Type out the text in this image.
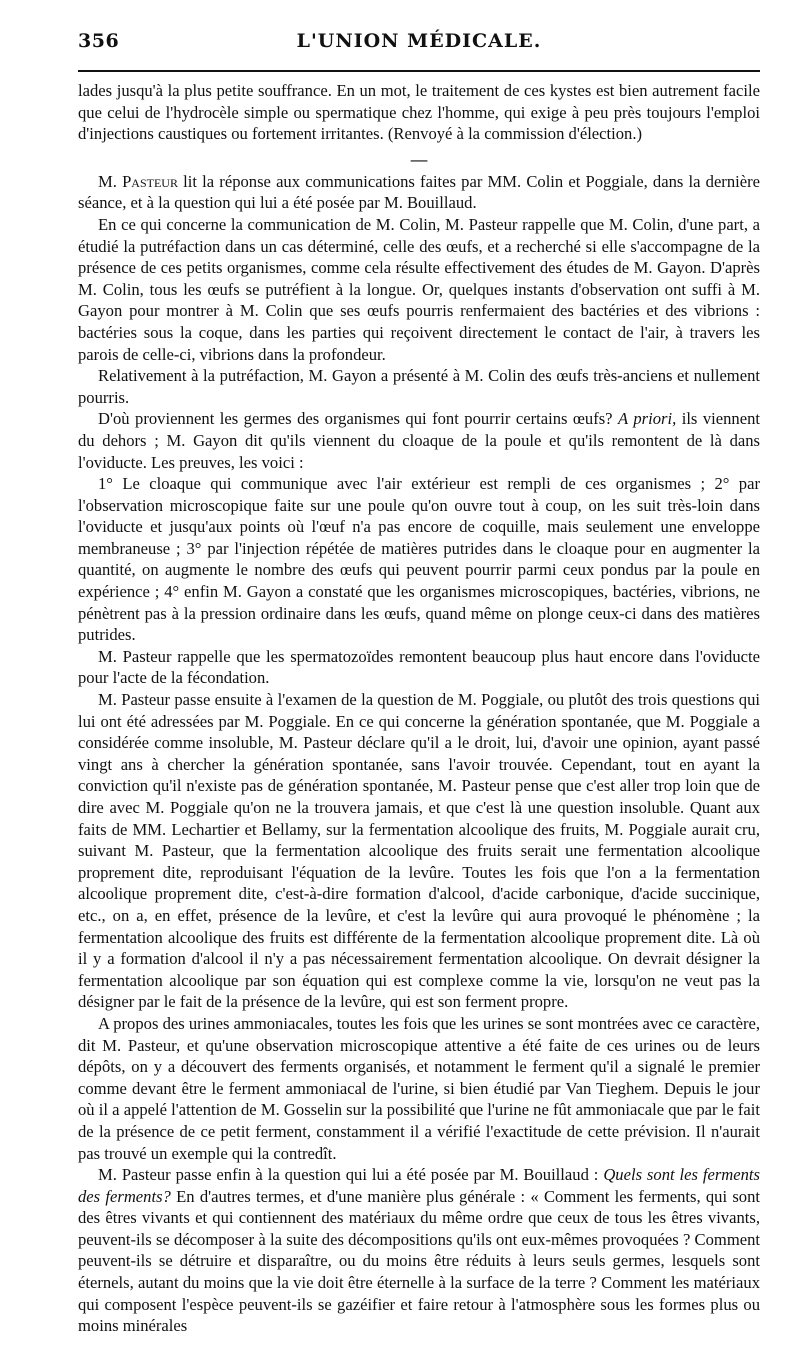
L'UNION MÉDICALE.
356

lades jusqu'à la plus petite souffrance. En un mot, le traitement de ces kystes est bien autrement facile que celui de l'hydrocèle simple ou spermatique chez l'homme, qui exige à peu près toujours l'emploi d'injections caustiques ou fortement irritantes. (Renvoyé à la commission d'élection.)

—

M. Pasteur lit la réponse aux communications faites par MM. Colin et Poggiale, dans la dernière séance, et à la question qui lui a été posée par M. Bouillaud.

En ce qui concerne la communication de M. Colin, M. Pasteur rappelle que M. Colin, d'une part, a étudié la putréfaction dans un cas déterminé, celle des œufs, et a recherché si elle s'accompagne de la présence de ces petits organismes, comme cela résulte effectivement des études de M. Gayon. D'après M. Colin, tous les œufs se putréfient à la longue. Or, quelques instants d'observation ont suffi à M. Gayon pour montrer à M. Colin que ses œufs pourris renfermaient des bactéries et des vibrions : bactéries sous la coque, dans les parties qui reçoivent directement le contact de l'air, à travers les parois de celle-ci, vibrions dans la profondeur.

Relativement à la putréfaction, M. Gayon a présenté à M. Colin des œufs très-anciens et nullement pourris.

D'où proviennent les germes des organismes qui font pourrir certains œufs? A priori, ils viennent du dehors ; M. Gayon dit qu'ils viennent du cloaque de la poule et qu'ils remontent de là dans l'oviducte. Les preuves, les voici :

1° Le cloaque qui communique avec l'air extérieur est rempli de ces organismes ; 2° par l'observation microscopique faite sur une poule qu'on ouvre tout à coup, on les suit très-loin dans l'oviducte et jusqu'aux points où l'œuf n'a pas encore de coquille, mais seulement une enveloppe membraneuse ; 3° par l'injection répétée de matières putrides dans le cloaque pour en augmenter la quantité, on augmente le nombre des œufs qui peuvent pourrir parmi ceux pondus par la poule en expérience ; 4° enfin M. Gayon a constaté que les organismes microscopiques, bactéries, vibrions, ne pénètrent pas à la pression ordinaire dans les œufs, quand même on plonge ceux-ci dans des matières putrides.

M. Pasteur rappelle que les spermatozoïdes remontent beaucoup plus haut encore dans l'oviducte pour l'acte de la fécondation.

M. Pasteur passe ensuite à l'examen de la question de M. Poggiale, ou plutôt des trois questions qui lui ont été adressées par M. Poggiale. En ce qui concerne la génération spontanée, que M. Poggiale a considérée comme insoluble, M. Pasteur déclare qu'il a le droit, lui, d'avoir une opinion, ayant passé vingt ans à chercher la génération spontanée, sans l'avoir trouvée. Cependant, tout en ayant la conviction qu'il n'existe pas de génération spontanée, M. Pasteur pense que c'est aller trop loin que de dire avec M. Poggiale qu'on ne la trouvera jamais, et que c'est là une question insoluble. Quant aux faits de MM. Lechartier et Bellamy, sur la fermentation alcoolique des fruits, M. Poggiale aurait cru, suivant M. Pasteur, que la fermentation alcoolique des fruits serait une fermentation alcoolique proprement dite, reproduisant l'équation de la levûre. Toutes les fois que l'on a la fermentation alcoolique proprement dite, c'est-à-dire formation d'alcool, d'acide carbonique, d'acide succinique, etc., on a, en effet, présence de la levûre, et c'est la levûre qui aura provoqué le phénomène ; la fermentation alcoolique des fruits est différente de la fermentation alcoolique proprement dite. Là où il y a formation d'alcool il n'y a pas nécessairement fermentation alcoolique. On devrait désigner la fermentation alcoolique par son équation qui est complexe comme la vie, lorsqu'on ne veut pas la désigner par le fait de la présence de la levûre, qui est son ferment propre.

A propos des urines ammoniacales, toutes les fois que les urines se sont montrées avec ce caractère, dit M. Pasteur, et qu'une observation microscopique attentive a été faite de ces urines ou de leurs dépôts, on y a découvert des ferments organisés, et notamment le ferment qu'il a signalé le premier comme devant être le ferment ammoniacal de l'urine, si bien étudié par Van Tieghem. Depuis le jour où il a appelé l'attention de M. Gosselin sur la possibilité que l'urine ne fût ammoniacale que par le fait de la présence de ce petit ferment, constamment il a vérifié l'exactitude de cette prévision. Il n'aurait pas trouvé un exemple qui la contredît.

M. Pasteur passe enfin à la question qui lui a été posée par M. Bouillaud : Quels sont les ferments des ferments? En d'autres termes, et d'une manière plus générale : « Comment les ferments, qui sont des êtres vivants et qui contiennent des matériaux du même ordre que ceux de tous les êtres vivants, peuvent-ils se décomposer à la suite des décompositions qu'ils ont eux-mêmes provoquées ? Comment peuvent-ils se détruire et disparaître, ou du moins être réduits à leurs seuls germes, lesquels sont éternels, autant du moins que la vie doit être éternelle à la surface de la terre ? Comment les matériaux qui composent l'espèce peuvent-ils se gazéifier et faire retour à l'atmosphère sous les formes plus ou moins minérales
